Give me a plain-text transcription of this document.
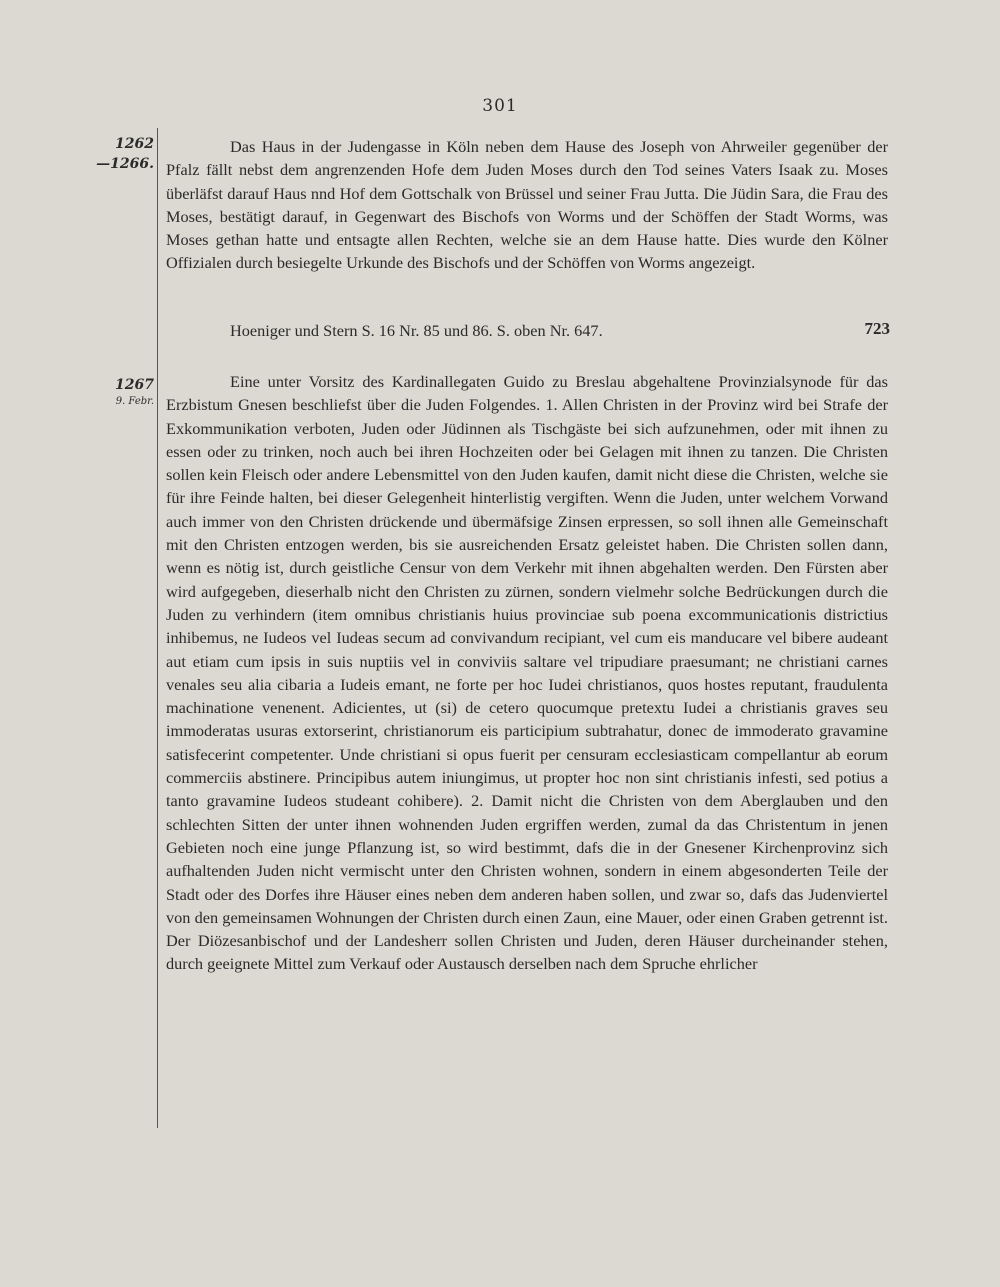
301
1262
—1266.

Das Haus in der Judengasse in Köln neben dem Hause des Joseph von Ahrweiler gegenüber der Pfalz fällt nebst dem angrenzenden Hofe dem Juden Moses durch den Tod seines Vaters Isaak zu. Moses überläfst darauf Haus nnd Hof dem Gottschalk von Brüssel und seiner Frau Jutta. Die Jüdin Sara, die Frau des Moses, bestätigt darauf, in Gegenwart des Bischofs von Worms und der Schöffen der Stadt Worms, was Moses gethan hatte und entsagte allen Rechten, welche sie an dem Hause hatte. Dies wurde den Kölner Offizialen durch besiegelte Urkunde des Bischofs und der Schöffen von Worms angezeigt.

Hoeniger und Stern S. 16 Nr. 85 und 86. S. oben Nr. 647.	723
1267
9. Febr.

Eine unter Vorsitz des Kardinallegaten Guido zu Breslau abgehaltene Provinzialsynode für das Erzbistum Gnesen beschliefst über die Juden Folgendes. 1. Allen Christen in der Provinz wird bei Strafe der Exkommunikation verboten, Juden oder Jüdinnen als Tischgäste bei sich aufzunehmen, oder mit ihnen zu essen oder zu trinken, noch auch bei ihren Hochzeiten oder bei Gelagen mit ihnen zu tanzen. Die Christen sollen kein Fleisch oder andere Lebensmittel von den Juden kaufen, damit nicht diese die Christen, welche sie für ihre Feinde halten, bei dieser Gelegenheit hinterlistig vergiften. Wenn die Juden, unter welchem Vorwand auch immer von den Christen drückende und übermäfsige Zinsen erpressen, so soll ihnen alle Gemeinschaft mit den Christen entzogen werden, bis sie ausreichenden Ersatz geleistet haben. Die Christen sollen dann, wenn es nötig ist, durch geistliche Censur von dem Verkehr mit ihnen abgehalten werden. Den Fürsten aber wird aufgegeben, dieserhalb nicht den Christen zu zürnen, sondern vielmehr solche Bedrückungen durch die Juden zu verhindern (item omnibus christianis huius provinciae sub poena excommunicationis districtius inhibemus, ne Iudeos vel Iudeas secum ad convivandum recipiant, vel cum eis manducare vel bibere audeant aut etiam cum ipsis in suis nuptiis vel in conviviis saltare vel tripudiare praesumant; ne christiani carnes venales seu alia cibaria a Iudeis emant, ne forte per hoc Iudei christianos, quos hostes reputant, fraudulenta machinatione venenent. Adicientes, ut (si) de cetero quocumque pretextu Iudei a christianis graves seu immoderatas usuras extorserint, christianorum eis participium subtrahatur, donec de immoderato gravamine satisfecerint competenter. Unde christiani si opus fuerit per censuram ecclesiasticam compellantur ab eorum commerciis abstinere. Principibus autem iniungimus, ut propter hoc non sint christianis infesti, sed potius a tanto gravamine Iudeos studeant cohibere). 2. Damit nicht die Christen von dem Aberglauben und den schlechten Sitten der unter ihnen wohnenden Juden ergriffen werden, zumal da das Christentum in jenen Gebieten noch eine junge Pflanzung ist, so wird bestimmt, dafs die in der Gnesener Kirchenprovinz sich aufhaltenden Juden nicht vermischt unter den Christen wohnen, sondern in einem abgesonderten Teile der Stadt oder des Dorfes ihre Häuser eines neben dem anderen haben sollen, und zwar so, dafs das Judenviertel von den gemeinsamen Wohnungen der Christen durch einen Zaun, eine Mauer, oder einen Graben getrennt ist. Der Diözesanbischof und der Landesherr sollen Christen und Juden, deren Häuser durcheinander stehen, durch geeignete Mittel zum Verkauf oder Austausch derselben nach dem Spruche ehrlicher
